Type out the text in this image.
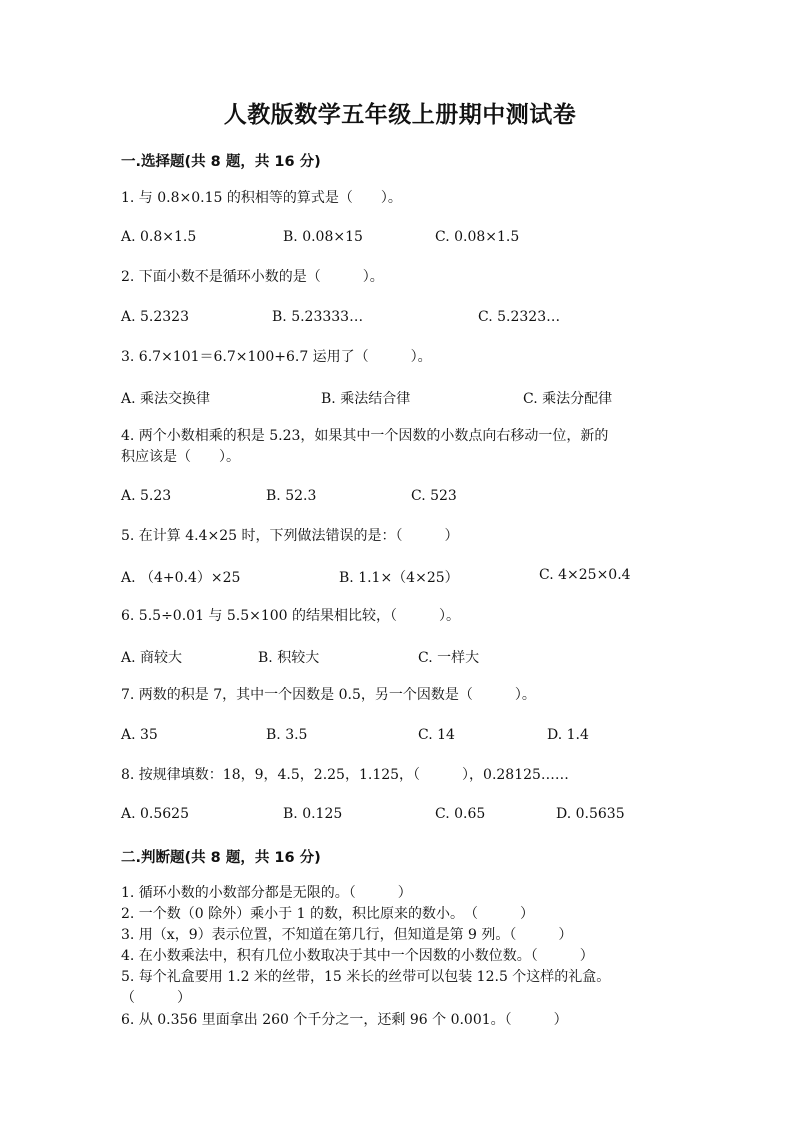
人教版数学五年级上册期中测试卷
一.选择题(共 8 题，共 16 分)
1. 与 0.8×0.15 的积相等的算式是（　　）。
A. 0.8×1.5	B. 0.08×15	C. 0.08×1.5
2. 下面小数不是循环小数的是（　　　）。
A. 5.2323	B. 5.23333…	C. 5.2323…
3. 6.7×101＝6.7×100+6.7 运用了（　　　）。
A. 乘法交换律	B. 乘法结合律	C. 乘法分配律
4. 两个小数相乘的积是 5.23，如果其中一个因数的小数点向右移动一位，新的
积应该是（　　）。
A. 5.23	B. 52.3	C. 523
5. 在计算 4.4×25 时，下列做法错误的是：（　　　）
A. （4+0.4）×25	B. 1.1×（4×25）	C. 4×25×0.4
6. 5.5÷0.01 与 5.5×100 的结果相比较，（　　　）。
A. 商较大	B. 积较大	C. 一样大
7. 两数的积是 7，其中一个因数是 0.5，另一个因数是（　　　）。
A. 35	B. 3.5	C. 14	D. 1.4
8. 按规律填数：18，9，4.5，2.25，1.125，（　　　），0.28125……
A. 0.5625	B. 0.125	C. 0.65	D. 0.5635
二.判断题(共 8 题，共 16 分)
1. 循环小数的小数部分都是无限的。（　　　）
2. 一个数（0 除外）乘小于 1 的数，积比原来的数小。　（　　　）
3. 用（x，9）表示位置，不知道在第几行，但知道是第 9 列。（　　　）
4. 在小数乘法中，积有几位小数取决于其中一个因数的小数位数。（　　　）
5. 每个礼盒要用 1.2 米的丝带，15 米长的丝带可以包装 12.5 个这样的礼盒。
（　　　）
6. 从 0.356 里面拿出 260 个千分之一，还剩 96 个 0.001。（　　　）
